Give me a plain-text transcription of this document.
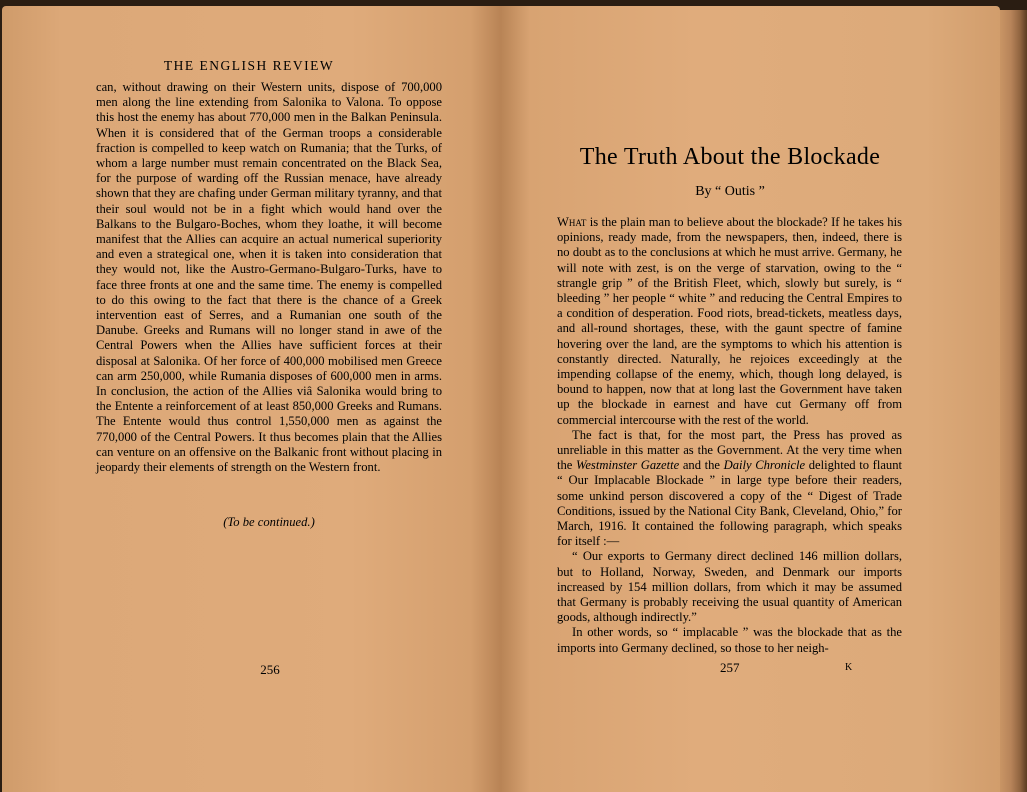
THE ENGLISH REVIEW

can, without drawing on their Western units, dispose of 700,000 men along the line extending from Salonika to Valona. To oppose this host the enemy has about 770,000 men in the Balkan Peninsula. When it is considered that of the German troops a considerable fraction is compelled to keep watch on Rumania; that the Turks, of whom a large number must remain concentrated on the Black Sea, for the purpose of warding off the Russian menace, have already shown that they are chafing under German military tyranny, and that their soul would not be in a fight which would hand over the Balkans to the Bulgaro-Boches, whom they loathe, it will become manifest that the Allies can acquire an actual numerical superiority and even a strategical one, when it is taken into consideration that they would not, like the Austro-Germano-Bulgaro-Turks, have to face three fronts at one and the same time. The enemy is compelled to do this owing to the fact that there is the chance of a Greek intervention east of Serres, and a Rumanian one south of the Danube. Greeks and Rumans will no longer stand in awe of the Central Powers when the Allies have sufficient forces at their disposal at Salonika. Of her force of 400,000 mobilised men Greece can arm 250,000, while Rumania disposes of 600,000 men in arms. In conclusion, the action of the Allies viâ Salonika would bring to the Entente a reinforcement of at least 850,000 Greeks and Rumans. The Entente would thus control 1,550,000 men as against the 770,000 of the Central Powers. It thus becomes plain that the Allies can venture on an offensive on the Balkanic front without placing in jeopardy their elements of strength on the Western front.

(To be continued.)
256
The Truth About the Blockade
By “ Outis ”

What is the plain man to believe about the blockade? If he takes his opinions, ready made, from the newspapers, then, indeed, there is no doubt as to the conclusions at which he must arrive. Germany, he will note with zest, is on the verge of starvation, owing to the “ strangle grip ” of the British Fleet, which, slowly but surely, is “ bleeding ” her people “ white ” and reducing the Central Empires to a condition of desperation. Food riots, bread-tickets, meatless days, and all-round shortages, these, with the gaunt spectre of famine hovering over the land, are the symptoms to which his attention is constantly directed. Naturally, he rejoices exceedingly at the impending collapse of the enemy, which, though long delayed, is bound to happen, now that at long last the Government have taken up the blockade in earnest and have cut Germany off from commercial intercourse with the rest of the world.

The fact is that, for the most part, the Press has proved as unreliable in this matter as the Government. At the very time when the Westminster Gazette and the Daily Chronicle delighted to flaunt “ Our Implacable Blockade ” in large type before their readers, some unkind person discovered a copy of the “ Digest of Trade Conditions, issued by the National City Bank, Cleveland, Ohio,” for March, 1916. It contained the following paragraph, which speaks for itself :—

“ Our exports to Germany direct declined 146 million dollars, but to Holland, Norway, Sweden, and Denmark our imports increased by 154 million dollars, from which it may be assumed that Germany is probably receiving the usual quantity of American goods, although indirectly.”

In other words, so “ implacable ” was the blockade that as the imports into Germany declined, so those to her neigh-

257	K
